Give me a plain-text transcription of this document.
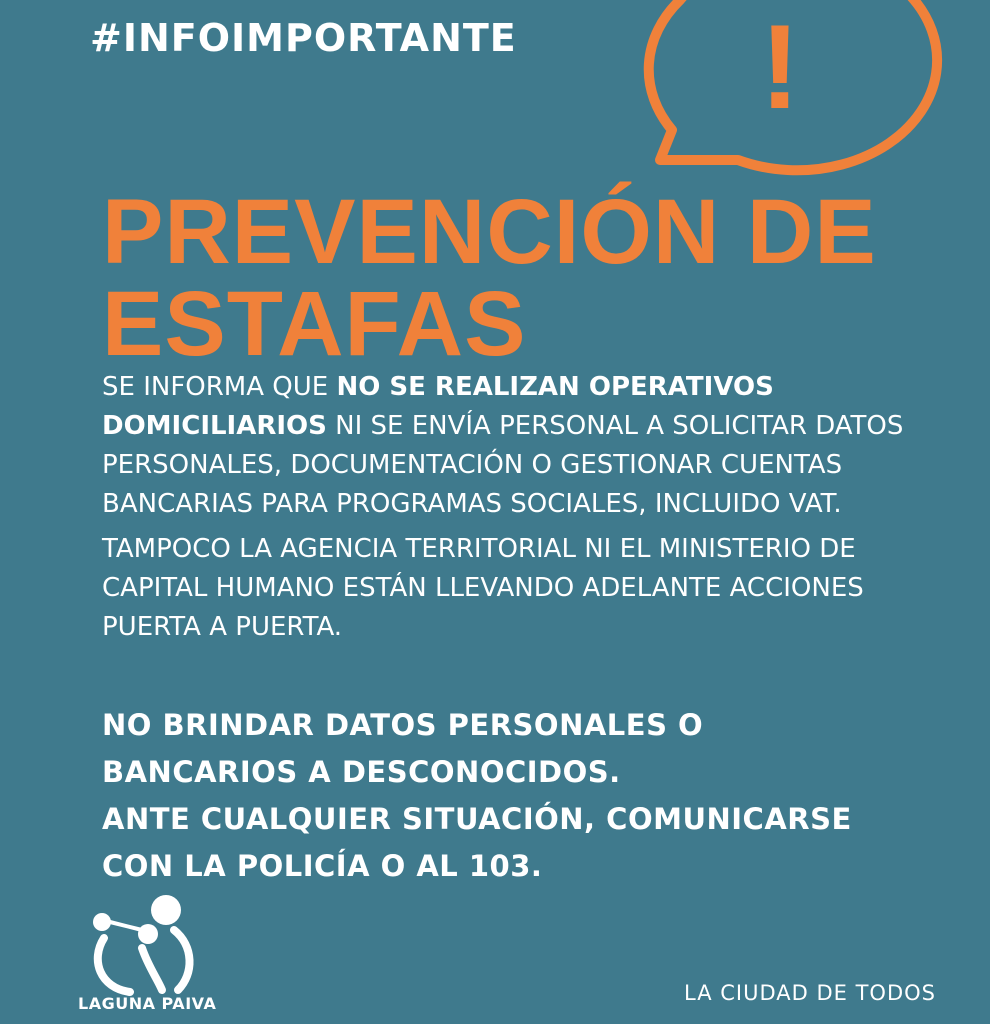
#INFOIMPORTANTE !
PREVENCIÓN DE
ESTAFAS

SE INFORMA QUE NO SE REALIZAN OPERATIVOS DOMICILIARIOS NI SE ENVÍA PERSONAL A SOLICITAR DATOS PERSONALES, DOCUMENTACIÓN O GESTIONAR CUENTAS BANCARIAS PARA PROGRAMAS SOCIALES, INCLUIDO VAT.

TAMPOCO LA AGENCIA TERRITORIAL NI EL MINISTERIO DE CAPITAL HUMANO ESTÁN LLEVANDO ADELANTE ACCIONES PUERTA A PUERTA.

NO BRINDAR DATOS PERSONALES O
BANCARIOS A DESCONOCIDOS.
ANTE CUALQUIER SITUACIÓN, COMUNICARSE
CON LA POLICÍA O AL 103.
LAGUNA PAIVA	LA CIUDAD DE TODOS
